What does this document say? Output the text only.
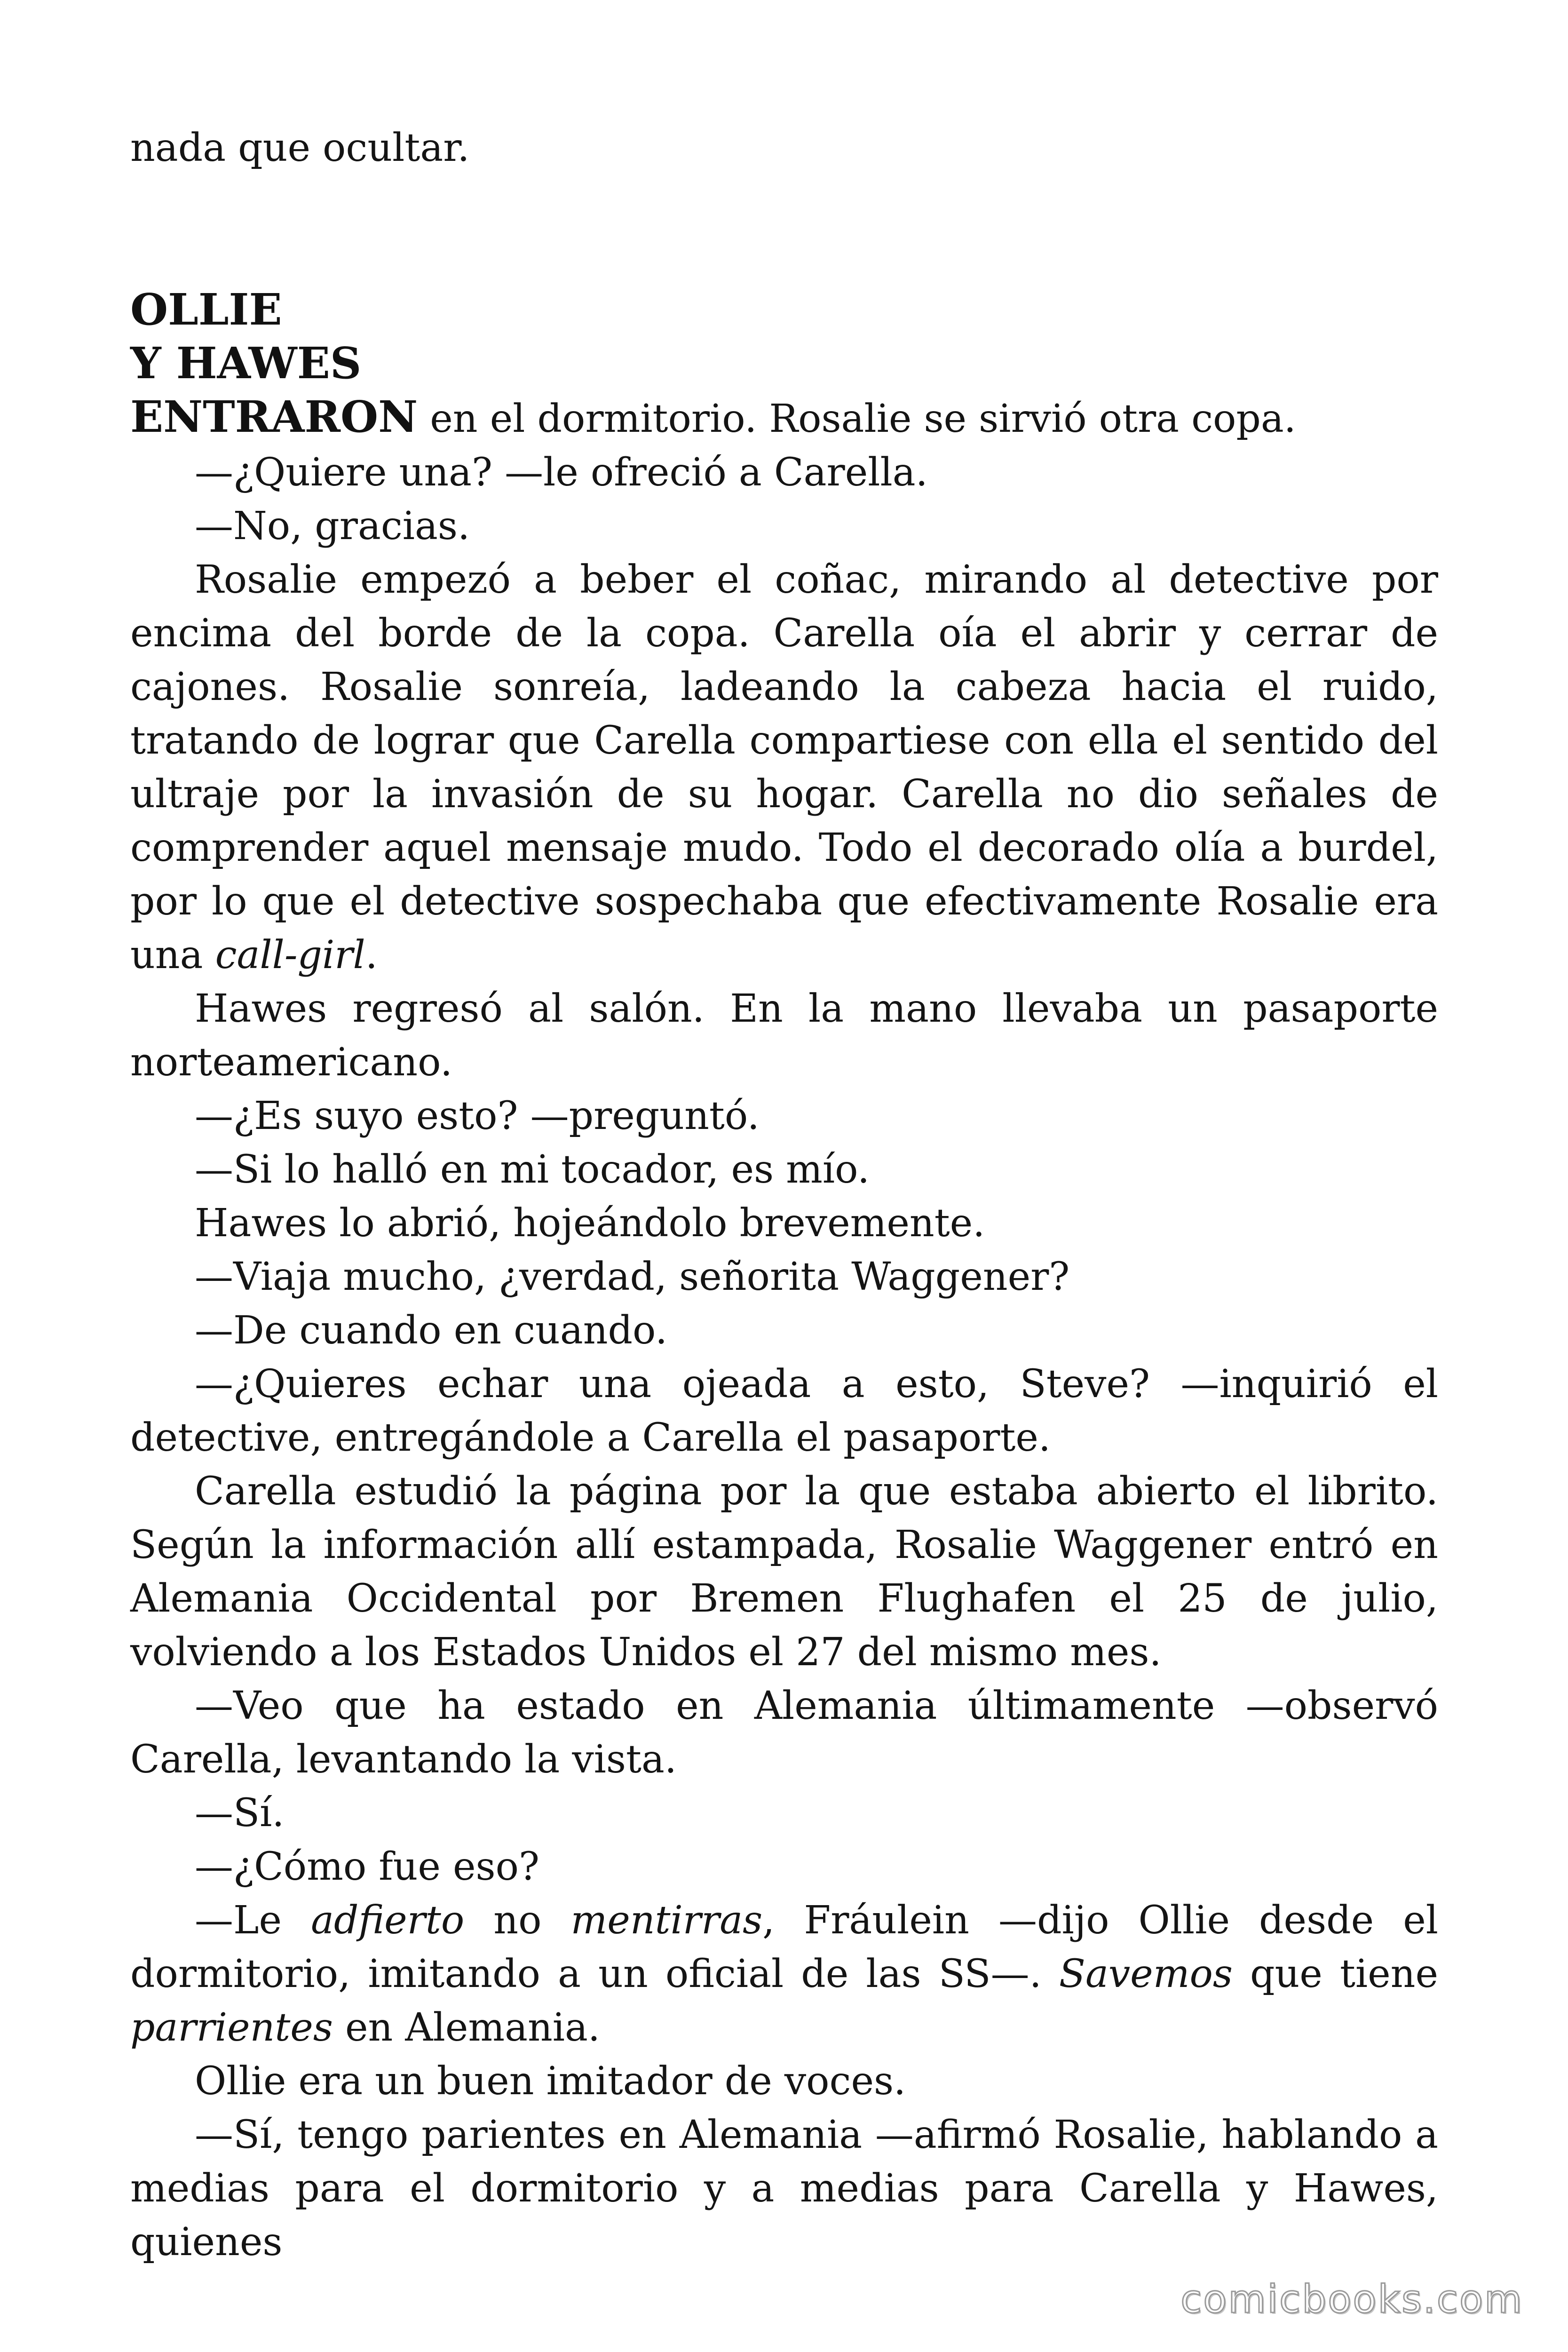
nada que ocultar.

OLLIE
Y HAWES

ENTRARON en el dormitorio. Rosalie se sirvió otra copa.

—¿Quiere una? —le ofreció a Carella.

—No, gracias.

Rosalie empezó a beber el coñac, mirando al detective por encima del borde de la copa. Carella oía el abrir y cerrar de cajones. Rosalie sonreía, ladeando la cabeza hacia el ruido, tratando de lograr que Carella compartiese con ella el sentido del ultraje por la invasión de su hogar. Carella no dio señales de comprender aquel mensaje mudo. Todo el decorado olía a burdel, por lo que el detective sospechaba que efectivamente Rosalie era una call-girl.

Hawes regresó al salón. En la mano llevaba un pasaporte norteamericano.

—¿Es suyo esto? —preguntó.

—Si lo halló en mi tocador, es mío.

Hawes lo abrió, hojeándolo brevemente.

—Viaja mucho, ¿verdad, señorita Waggener?

—De cuando en cuando.

—¿Quieres echar una ojeada a esto, Steve? —inquirió el detective, entregándole a Carella el pasaporte.

Carella estudió la página por la que estaba abierto el librito. Según la información allí estampada, Rosalie Waggener entró en Alemania Occidental por Bremen Flughafen el 25 de julio, volviendo a los Estados Unidos el 27 del mismo mes.

—Veo que ha estado en Alemania últimamente —observó Carella, levantando la vista.

—Sí.

—¿Cómo fue eso?

—Le adfierto no mentirras, Fráulein —dijo Ollie desde el dormitorio, imitando a un oficial de las SS—. Savemos que tiene parrientes en Alemania.

Ollie era un buen imitador de voces.

—Sí, tengo parientes en Alemania —afirmó Rosalie, hablando a medias para el dormitorio y a medias para Carella y Hawes, quienes

comicbooks.com
